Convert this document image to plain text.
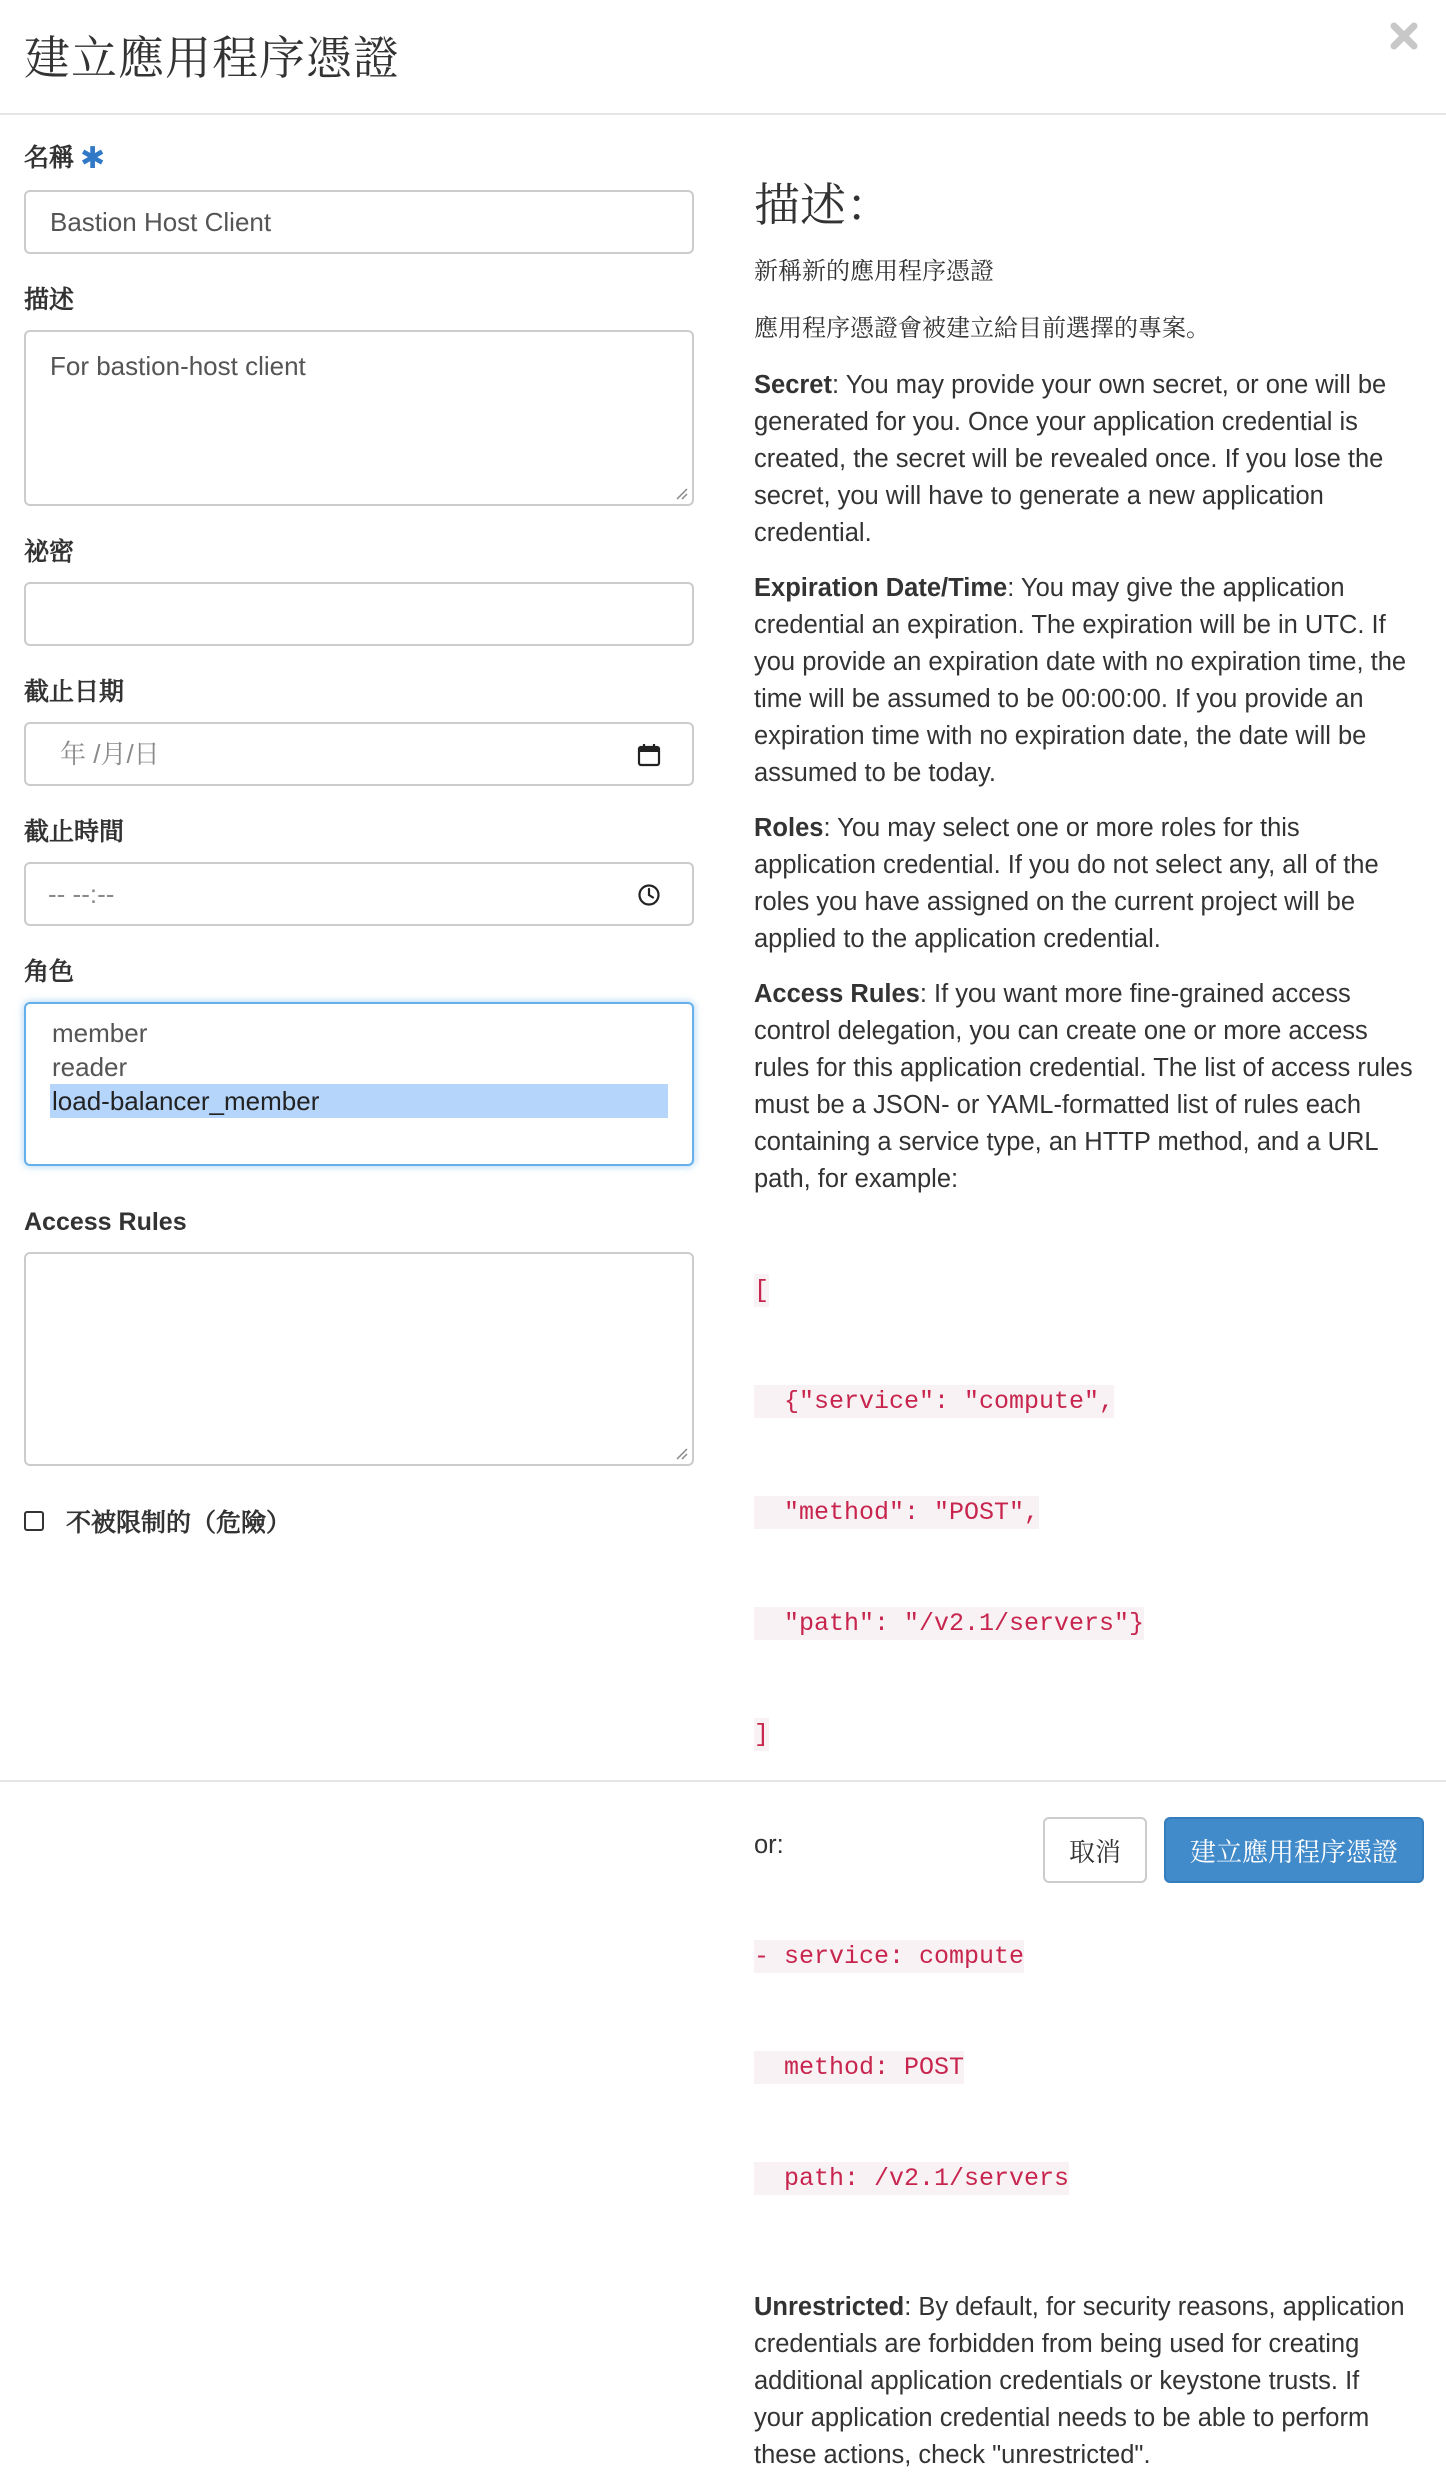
建立應用程序憑證
名稱 ✱
Bastion Host Client
描述
For bastion-host client
祕密
截止日期
年 /月/日
截止時間
-- --:--
角色
member
reader
load-balancer_member
Access Rules
不被限制的（危險）
描述：

新稱新的應用程序憑證

應用程序憑證會被建立給目前選擇的專案。

Secret: You may provide your own secret, or one will be generated for you. Once your application credential is created, the secret will be revealed once. If you lose the secret, you will have to generate a new application credential.

Expiration Date/Time: You may give the application credential an expiration. The expiration will be in UTC. If you provide an expiration date with no expiration time, the time will be assumed to be 00:00:00. If you provide an expiration time with no expiration date, the date will be assumed to be today.

Roles: You may select one or more roles for this application credential. If you do not select any, all of the roles you have assigned on the current project will be applied to the application credential.

Access Rules: If you want more fine-grained access control delegation, you can create one or more access rules for this application credential. The list of access rules must be a JSON- or YAML-formatted list of rules each containing a service type, an HTTP method, and a URL path, for example:

[

{"service": "compute",

"method": "POST",

"path": "/v2.1/servers"}

]

or:

- service: compute

method: POST

path: /v2.1/servers

Unrestricted: By default, for security reasons, application credentials are forbidden from being used for creating additional application credentials or keystone trusts. If your application credential needs to be able to perform these actions, check "unrestricted".

取消	建立應用程序憑證
